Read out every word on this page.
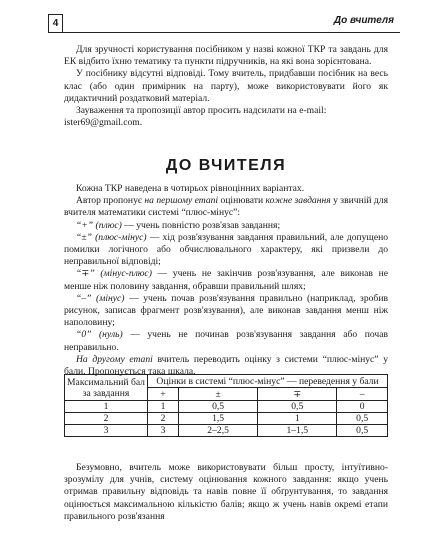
4	До вчителя

Для зручності користування посібником у назві кожної ТКР та завдань для ЕК відбито їхню тематику та пункти підручників, на які вона зорієнтована.

У посібнику відсутні відповіді. Тому вчитель, придбавши посібник на весь клас (або один примірник на парту), може використовувати його як дидактичний роздатковий матеріал.

Зауваження та пропозиції автор просить надсилати на e-mail:

ister69@gmail.com.

ДО ВЧИТЕЛЯ

Кожна ТКР наведена в чотирьох рівноцінних варіантах.

Автор пропонує на першому етапі оцінювати кожне завдання у звичній для вчителя математики системі “плюс-мінус”:

“+” (плюс) — учень повністю розв'язав завдання;

“±” (плюс-мінус) — хід розв'язування завдання правильний, але допущено помилки логічного або обчислювального характеру, які призвели до неправильної відповіді;

“∓” (мінус-плюс) — учень не закінчив розв'язування, але виконав не менше ніж половину завдання, обравши правильний шлях;

“–” (мінус) — учень почав розв'язування правильно (наприклад, зробив рисунок, записав фрагмент розв'язування), але виконав завдання менш ніж наполовину;

“0” (нуль) — учень не починав розв'язування завдання або почав неправильно.

На другому етапі вчитель переводить оцінку з системи “плюс-мінус” у бали. Пропонується така шкала.

Максимальний бал за завдання	Оцінки в системі “плюс-мінус” — переведення у бали			
	+	±	∓	–
1	1	0,5	0,5	0
2	2	1,5	1	0,5
3	3	2–2,5	1–1,5	0,5

Безумовно, вчитель може використовувати більш просту, інтуїтивно-зрозумілу для учнів, систему оцінювання кожного завдання: якщо учень отримав правильну відповідь та навів повне її обґрунтування, то завдання оцінюється максимальною кількістю балів; якщо ж учень навів окремі етапи правильного розв'язання
